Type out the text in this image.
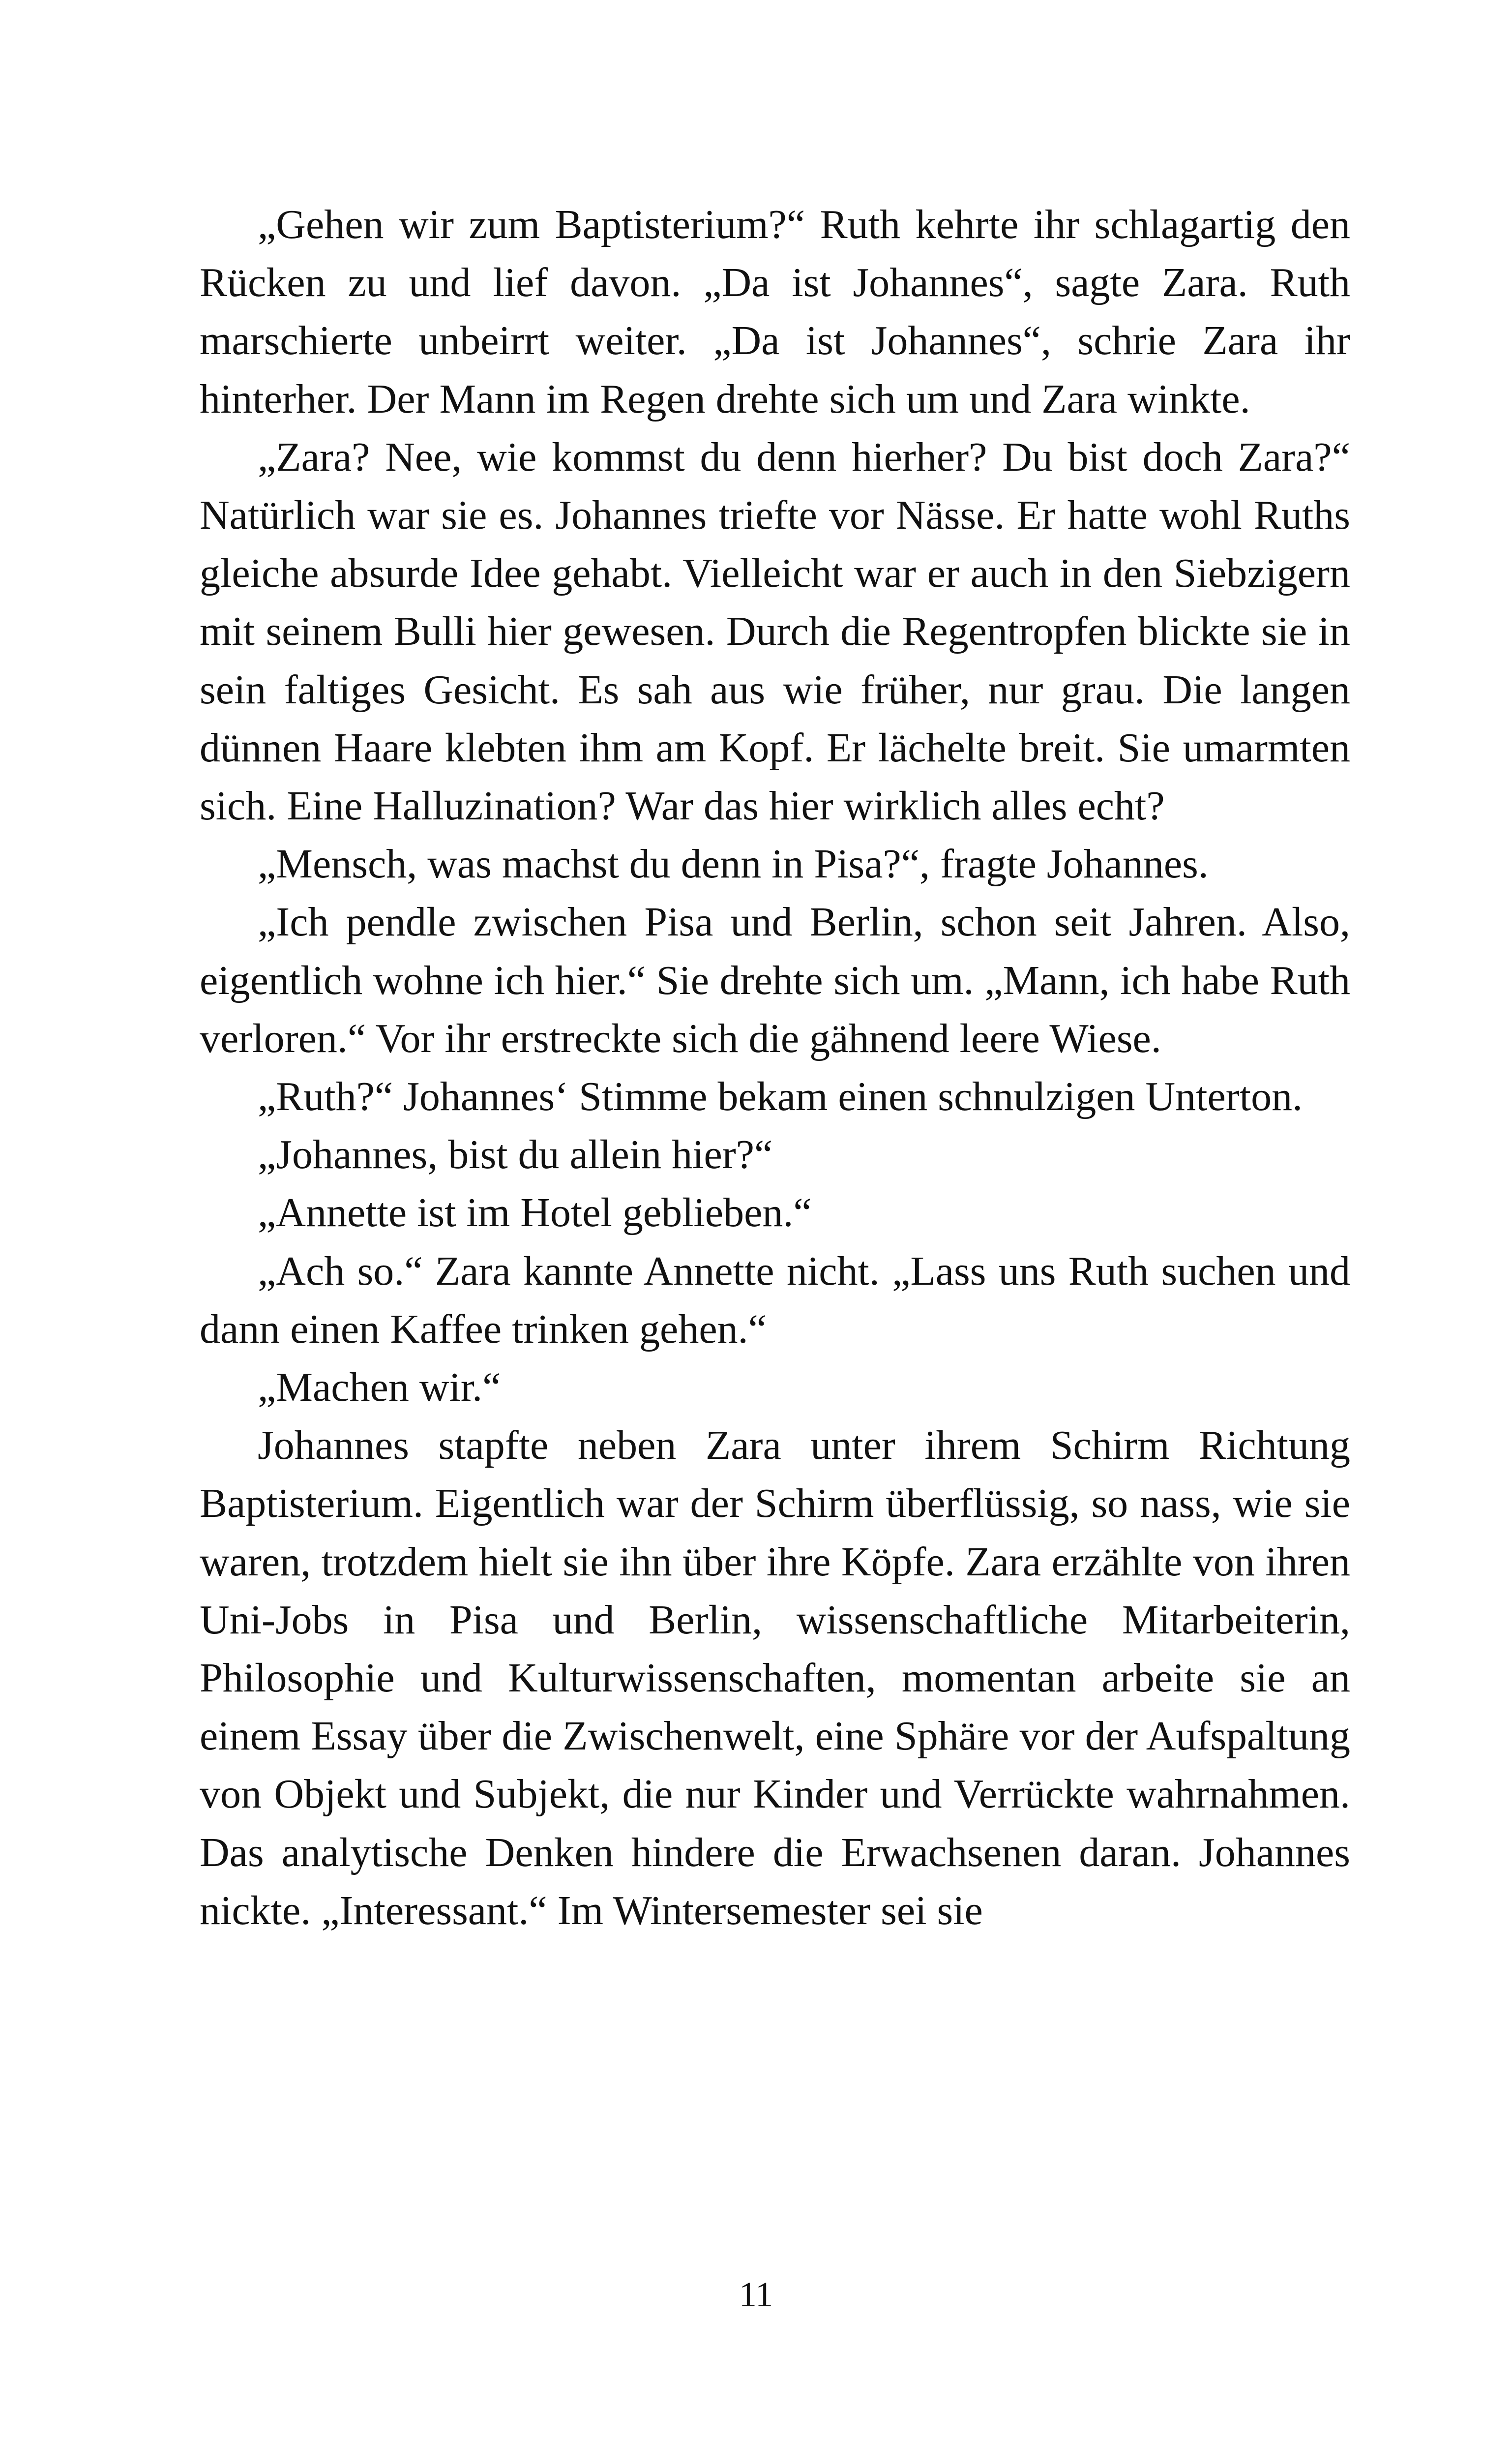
„Gehen wir zum Baptisterium?“ Ruth kehrte ihr schlagartig den Rücken zu und lief davon. „Da ist Johannes“, sagte Zara. Ruth marschierte unbeirrt weiter. „Da ist Johannes“, schrie Zara ihr hinterher. Der Mann im Regen drehte sich um und Zara winkte.

„Zara? Nee, wie kommst du denn hierher? Du bist doch Zara?“ Natürlich war sie es. Johannes triefte vor Nässe. Er hatte wohl Ruths gleiche absurde Idee gehabt. Vielleicht war er auch in den Siebzigern mit seinem Bulli hier gewesen. Durch die Regentropfen blickte sie in sein faltiges Gesicht. Es sah aus wie früher, nur grau. Die langen dünnen Haare klebten ihm am Kopf. Er lächelte breit. Sie umarmten sich. Eine Halluzination? War das hier wirklich alles echt?

„Mensch, was machst du denn in Pisa?“, fragte Johannes.

„Ich pendle zwischen Pisa und Berlin, schon seit Jahren. Also, eigentlich wohne ich hier.“ Sie drehte sich um. „Mann, ich habe Ruth verloren.“ Vor ihr erstreckte sich die gähnend leere Wiese.

„Ruth?“ Johannes‘ Stimme bekam einen schnulzigen Unterton.

„Johannes, bist du allein hier?“

„Annette ist im Hotel geblieben.“

„Ach so.“ Zara kannte Annette nicht. „Lass uns Ruth suchen und dann einen Kaffee trinken gehen.“

„Machen wir.“

Johannes stapfte neben Zara unter ihrem Schirm Richtung Baptisterium. Eigentlich war der Schirm überflüssig, so nass, wie sie waren, trotzdem hielt sie ihn über ihre Köpfe. Zara erzählte von ihren Uni-Jobs in Pisa und Berlin, wissenschaftliche Mitarbeiterin, Philosophie und Kulturwissenschaften, momentan arbeite sie an einem Essay über die Zwischenwelt, eine Sphäre vor der Aufspaltung von Objekt und Subjekt, die nur Kinder und Verrückte wahrnahmen. Das analytische Denken hindere die Erwachsenen daran. Johannes nickte. „Interessant.“ Im Wintersemester sei sie

11
